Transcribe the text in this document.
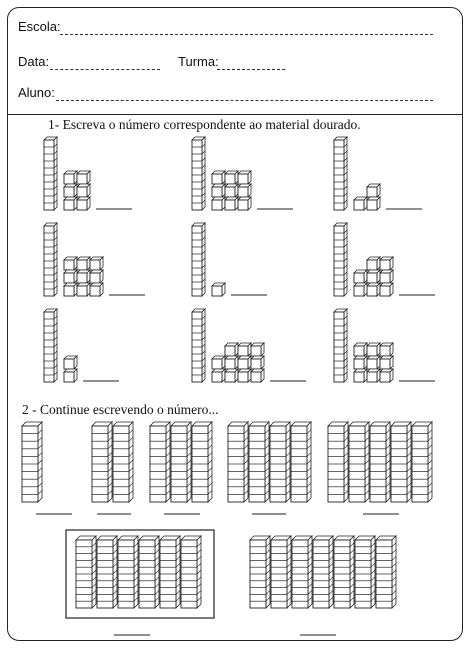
Escola:
Data:	Turma:
Aluno:
1- Escreva o número correspondente ao material dourado.
2 - Continue escrevendo o número...
